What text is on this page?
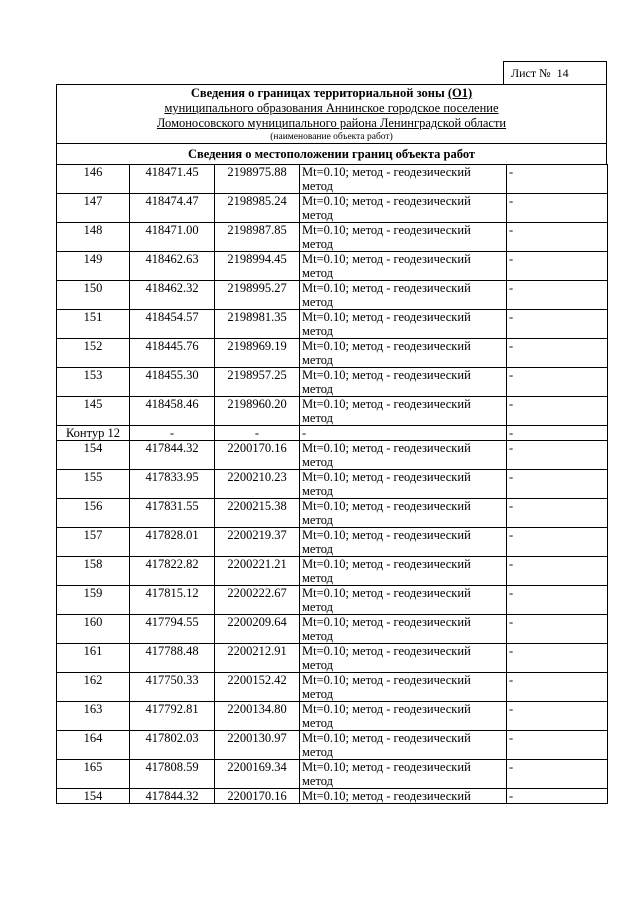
Лист № 14
Сведения о границах территориальной зоны (О1)
муниципального образования Аннинское городское поселение
Ломоносовского муниципального района Ленинградской области
(наименование объекта работ)
Сведения о местоположении границ объекта работ
146	418471.45	2198975.88	Mt=0.10; метод - геодезический метод	-
147	418474.47	2198985.24	Mt=0.10; метод - геодезический метод	-
148	418471.00	2198987.85	Mt=0.10; метод - геодезический метод	-
149	418462.63	2198994.45	Mt=0.10; метод - геодезический метод	-
150	418462.32	2198995.27	Mt=0.10; метод - геодезический метод	-
151	418454.57	2198981.35	Mt=0.10; метод - геодезический метод	-
152	418445.76	2198969.19	Mt=0.10; метод - геодезический метод	-
153	418455.30	2198957.25	Mt=0.10; метод - геодезический метод	-
145	418458.46	2198960.20	Mt=0.10; метод - геодезический метод	-
Контур 12	-	-	-	-
154	417844.32	2200170.16	Mt=0.10; метод - геодезический метод	-
155	417833.95	2200210.23	Mt=0.10; метод - геодезический метод	-
156	417831.55	2200215.38	Mt=0.10; метод - геодезический метод	-
157	417828.01	2200219.37	Mt=0.10; метод - геодезический метод	-
158	417822.82	2200221.21	Mt=0.10; метод - геодезический метод	-
159	417815.12	2200222.67	Mt=0.10; метод - геодезический метод	-
160	417794.55	2200209.64	Mt=0.10; метод - геодезический метод	-
161	417788.48	2200212.91	Mt=0.10; метод - геодезический метод	-
162	417750.33	2200152.42	Mt=0.10; метод - геодезический метод	-
163	417792.81	2200134.80	Mt=0.10; метод - геодезический метод	-
164	417802.03	2200130.97	Mt=0.10; метод - геодезический метод	-
165	417808.59	2200169.34	Mt=0.10; метод - геодезический метод	-
154	417844.32	2200170.16	Mt=0.10; метод - геодезический	-
